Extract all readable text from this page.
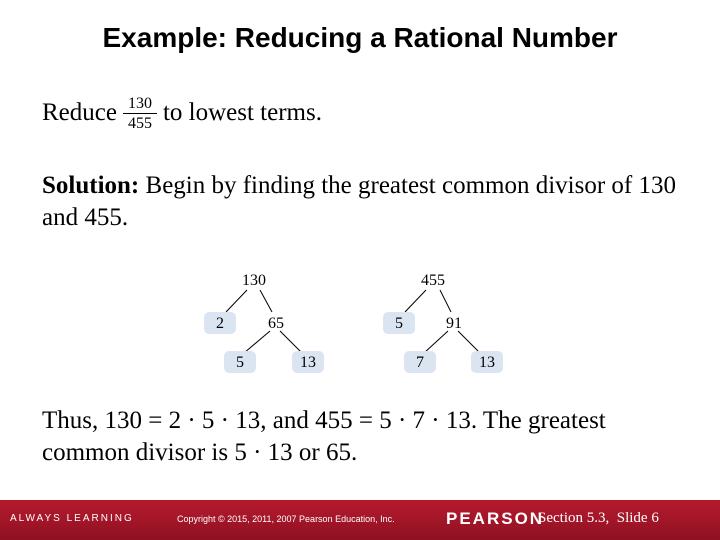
Example: Reducing a Rational Number
Reduce $\frac{130}{455}$ to lowest terms.
Solution: Begin by finding the greatest common divisor of 130 and 455.
130
2	65
5	13
455
5	91
7	13
Thus, 130 = 2 · 5 · 13, and 455 = 5 · 7 · 13. The greatest common divisor is 5 · 13 or 65.
ALWAYS LEARNING	Copyright © 2015, 2011, 2007 Pearson Education, Inc.	PEARSON
Section 5.3,  Slide 6
